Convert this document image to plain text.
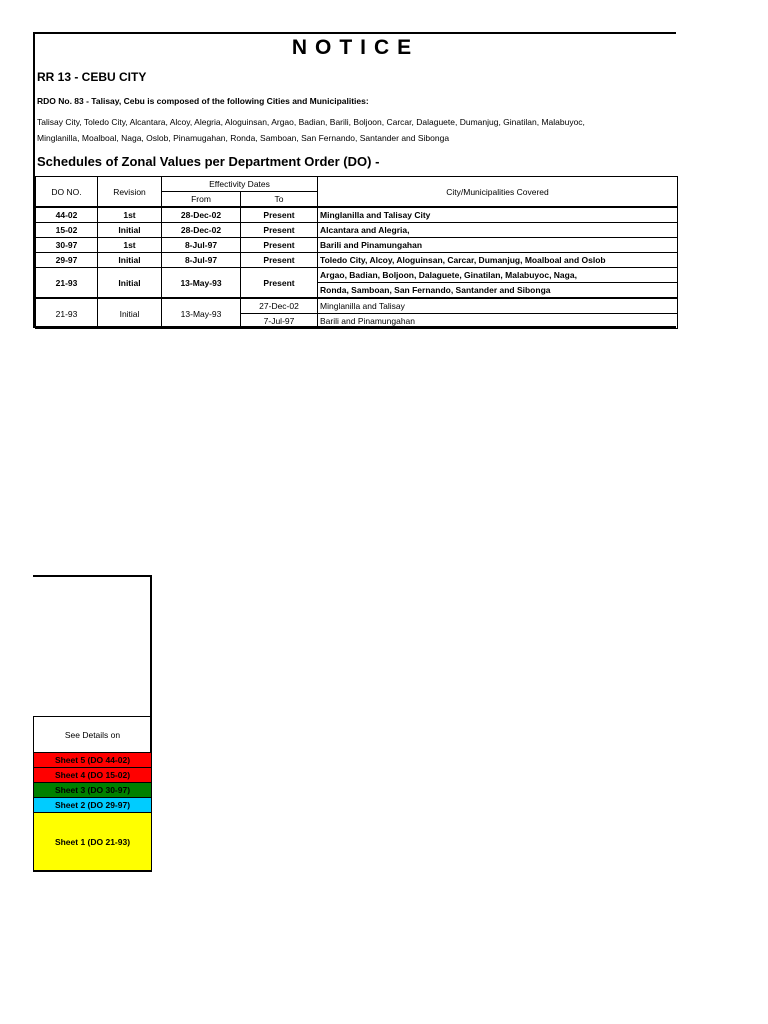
NOTICE
RR 13 - CEBU CITY
RDO No. 83 - Talisay, Cebu is composed of the following Cities and Municipalities:
Talisay City, Toledo City, Alcantara, Alcoy, Alegria, Aloguinsan, Argao, Badian, Barili, Boljoon, Carcar, Dalaguete, Dumanjug, Ginatilan, Malabuyoc,
Minglanilla, Moalboal, Naga, Oslob, Pinamugahan, Ronda, Samboan, San Fernando, Santander and Sibonga
Schedules of Zonal Values per Department Order (DO) -
DO NO.	Revision	Effectivity Dates		City/Municipalities Covered
		From	To	
44-02	1st	28-Dec-02	Present	Minglanilla and Talisay City
15-02	Initial	28-Dec-02	Present	Alcantara and Alegria,
30-97	1st	8-Jul-97	Present	Barili and Pinamungahan
29-97	Initial	8-Jul-97	Present	Toledo City, Alcoy, Aloguinsan, Carcar, Dumanjug, Moalboal and Oslob
21-93	Initial	13-May-93	Present	Argao, Badian, Boljoon, Dalaguete, Ginatilan, Malabuyoc, Naga,
				Ronda, Samboan, San Fernando, Santander and Sibonga
21-93	Initial	13-May-93	27-Dec-02	Minglanilla and Talisay
			7-Jul-97	Barili and Pinamungahan
See Details on
Sheet 5 (DO 44-02)
Sheet 4 (DO 15-02)
Sheet 3 (DO 30-97)
Sheet 2 (DO 29-97)
Sheet 1 (DO 21-93)
